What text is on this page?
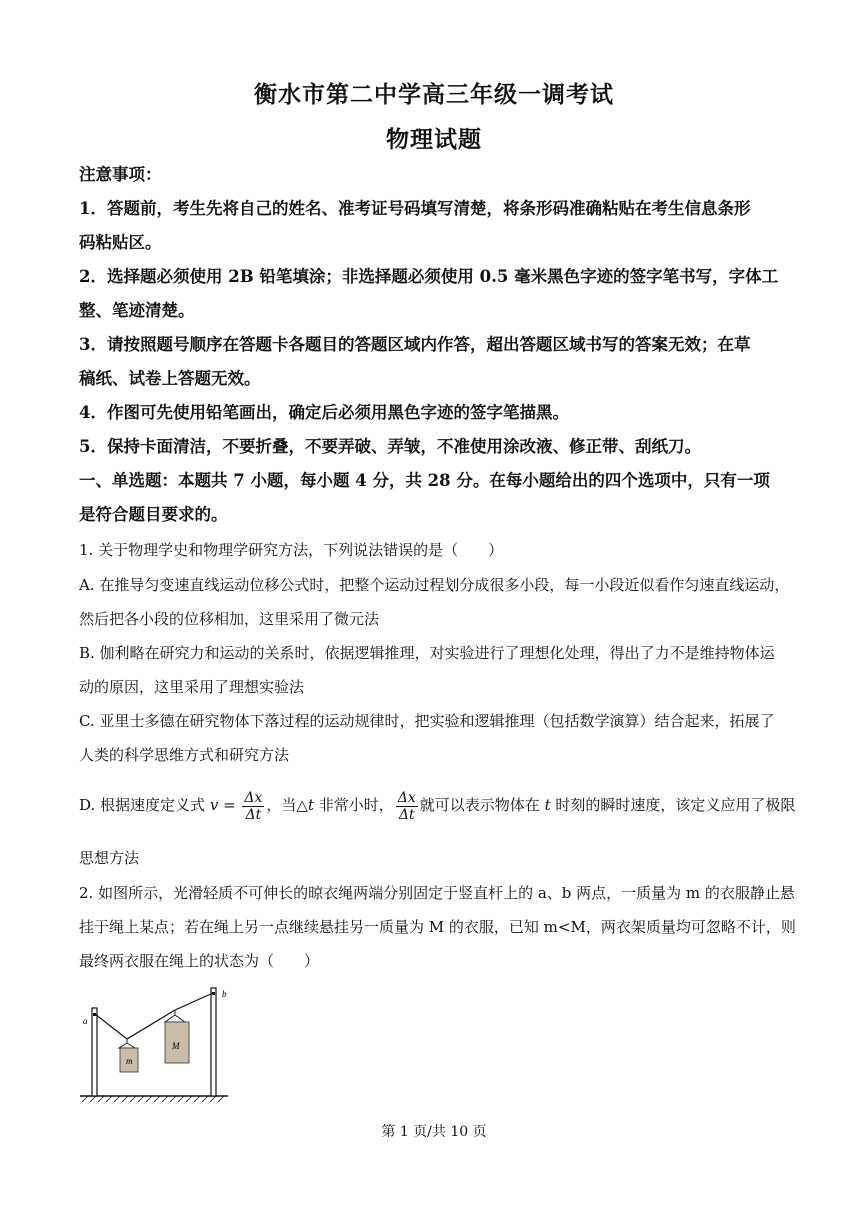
衡水市第二中学高三年级一调考试
物理试题
注意事项：
1．答题前，考生先将自己的姓名、准考证号码填写清楚，将条形码准确粘贴在考生信息条形
码粘贴区。
2．选择题必须使用 2B 铅笔填涂；非选择题必须使用 0.5 毫米黑色字迹的签字笔书写，字体工
整、笔迹清楚。
3．请按照题号顺序在答题卡各题目的答题区域内作答，超出答题区域书写的答案无效；在草
稿纸、试卷上答题无效。
4．作图可先使用铅笔画出，确定后必须用黑色字迹的签字笔描黑。
5．保持卡面清洁，不要折叠，不要弄破、弄皱，不准使用涂改液、修正带、刮纸刀。
一、单选题：本题共 7 小题，每小题 4 分，共 28 分。在每小题给出的四个选项中，只有一项
是符合题目要求的。
1. 关于物理学史和物理学研究方法，下列说法错误的是（　　）
A. 在推导匀变速直线运动位移公式时，把整个运动过程划分成很多小段，每一小段近似看作匀速直线运动，
然后把各小段的位移相加，这里采用了微元法
B. 伽利略在研究力和运动的关系时，依据逻辑推理，对实验进行了理想化处理，得出了力不是维持物体运
动的原因，这里采用了理想实验法
C. 亚里士多德在研究物体下落过程的运动规律时，把实验和逻辑推理（包括数学演算）结合起来，拓展了
人类的科学思维方式和研究方法
D. 根据速度定义式 $v = \frac{\Delta x}{\Delta t}$ ，当△t 非常小时， $\frac{\Delta x}{\Delta t}$ 就可以表示物体在 t 时刻的瞬时速度，该定义应用了极限
思想方法
2. 如图所示，光滑轻质不可伸长的晾衣绳两端分别固定于竖直杆上的 a、b 两点，一质量为 m 的衣服静止悬
挂于绳上某点；若在绳上另一点继续悬挂另一质量为 M 的衣服，已知 m<M，两衣架质量均可忽略不计，则
最终两衣服在绳上的状态为（　　）
a
b
m
M
第 1 页/共 10 页
